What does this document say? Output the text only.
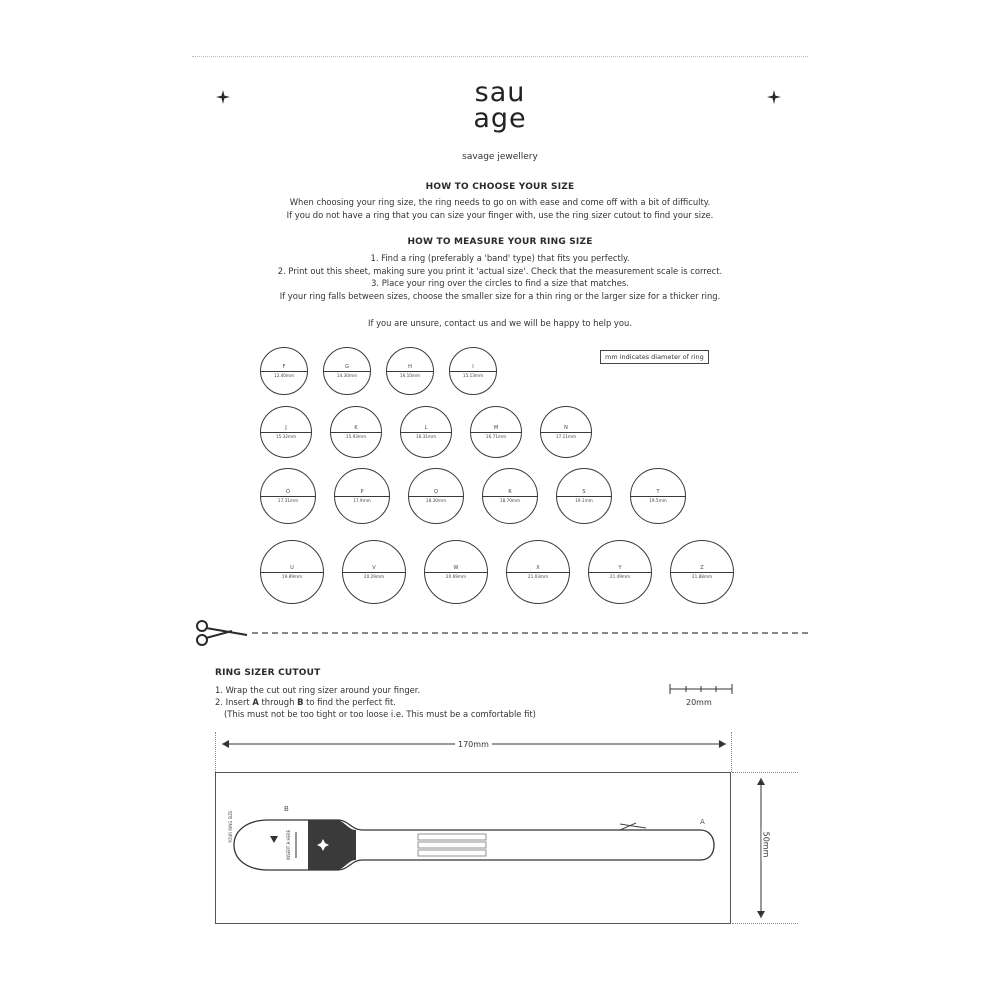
sau
age
savage jewellery
HOW TO CHOOSE YOUR SIZE
When choosing your ring size, the ring needs to go on with ease and come off with a bit of difficulty.
If you do not have a ring that you can size your finger with, use the ring sizer cutout to find your size.
HOW TO MEASURE YOUR RING SIZE
1. Find a ring (preferably a 'band' type) that fits you perfectly.
2. Print out this sheet, making sure you print it 'actual size'. Check that the measurement scale is correct.
3. Place your ring over the circles to find a size that matches.
If your ring falls between sizes, choose the smaller size for a thin ring or the larger size for a thicker ring.
If you are unsure, contact us and we will be happy to help you.
mm indicates diameter of ring
F
12.40mm
G
14.30mm
H
16.10mm
I
15.13mm
J
15.32mm
K
15.93mm
L
16.31mm
M
16.71mm
N
17.11mm
O
17.31mm
P
17.9mm
Q
18.30mm
R
18.70mm
S
19.1mm
T
19.5mm
U
19.89mm
V
20.29mm
W
20.69mm
X
21.03mm
Y
21.49mm
Z
21.88mm
RING SIZER CUTOUT
1. Wrap the cut out ring sizer around your finger.
2. Insert A through B to find the perfect fit.
(This must not be too tight or too loose i.e. This must be a comfortable fit)
20mm
170mm
50mm
B
A
YOUR RING SIZE
INSERT A HERE
